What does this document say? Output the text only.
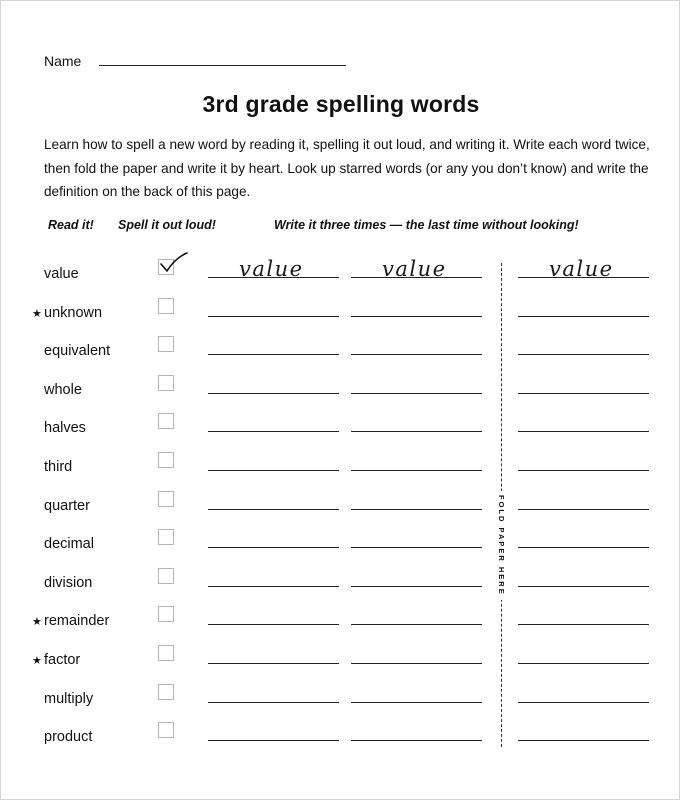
Name
3rd grade spelling words

Learn how to spell a new word by reading it, spelling it out loud, and writing it. Write each word twice, then fold the paper and write it by heart. Look up starred words (or any you don’t know) and write the definition on the back of this page.

Read it! Spell it out loud!	Write it three times — the last time without looking!
value	value	value	value
★ unknown
equivalent
whole
halves
third
quarter
decimal
division
★ remainder
★ factor
multiply
product
FOLD PAPER HERE
